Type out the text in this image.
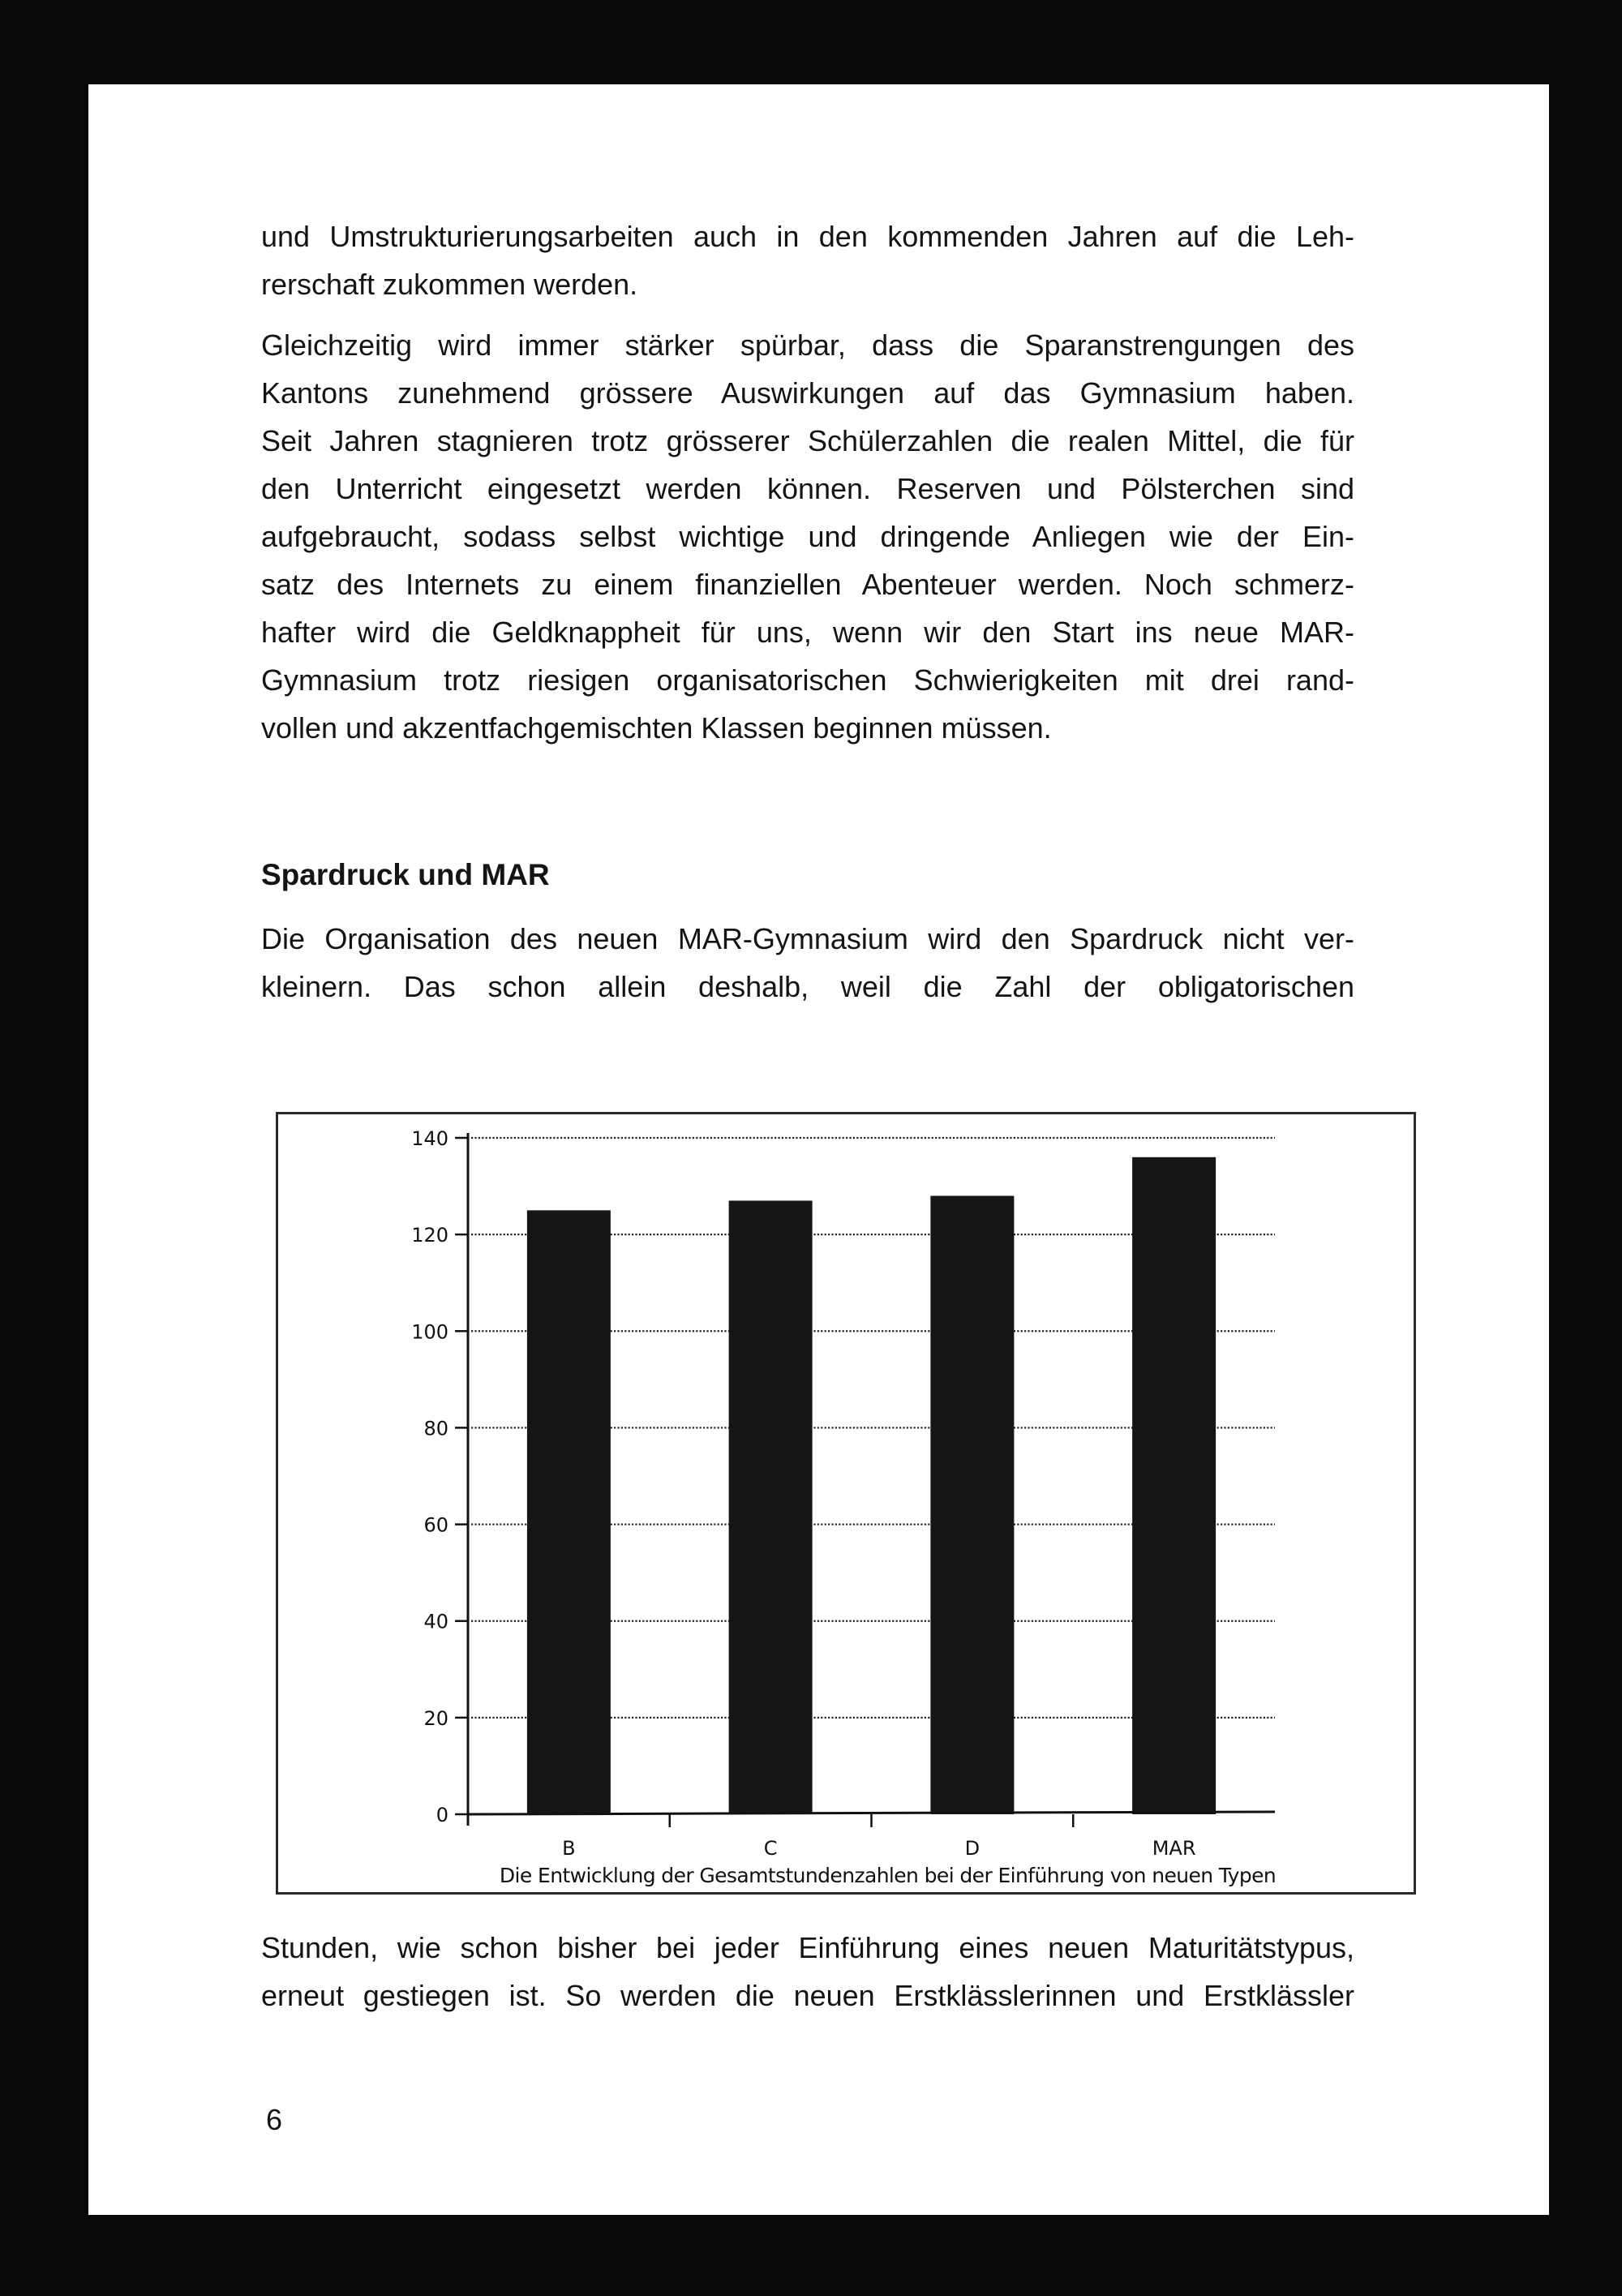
und Umstrukturierungsarbeiten auch in den kommenden Jahren auf die Leh-
rerschaft zukommen werden.
Gleichzeitig wird immer stärker spürbar, dass die Sparanstrengungen des
Kantons zunehmend grössere Auswirkungen auf das Gymnasium haben.
Seit Jahren stagnieren trotz grösserer Schülerzahlen die realen Mittel, die für
den Unterricht eingesetzt werden können. Reserven und Pölsterchen sind
aufgebraucht, sodass selbst wichtige und dringende Anliegen wie der Ein-
satz des Internets zu einem finanziellen Abenteuer werden. Noch schmerz-
hafter wird die Geldknappheit für uns, wenn wir den Start ins neue MAR-
Gymnasium trotz riesigen organisatorischen Schwierigkeiten mit drei rand-
vollen und akzentfachgemischten Klassen beginnen müssen.
Spardruck und MAR
Die Organisation des neuen MAR-Gymnasium wird den Spardruck nicht ver-
kleinern. Das schon allein deshalb, weil die Zahl der obligatorischen
0
20
40
60
80
100
120
140
B	C	D	MAR
Die Entwicklung der Gesamtstundenzahlen bei der Einführung von neuen Typen
Stunden, wie schon bisher bei jeder Einführung eines neuen Maturitätstypus,
erneut gestiegen ist. So werden die neuen Erstklässlerinnen und Erstklässler
6
